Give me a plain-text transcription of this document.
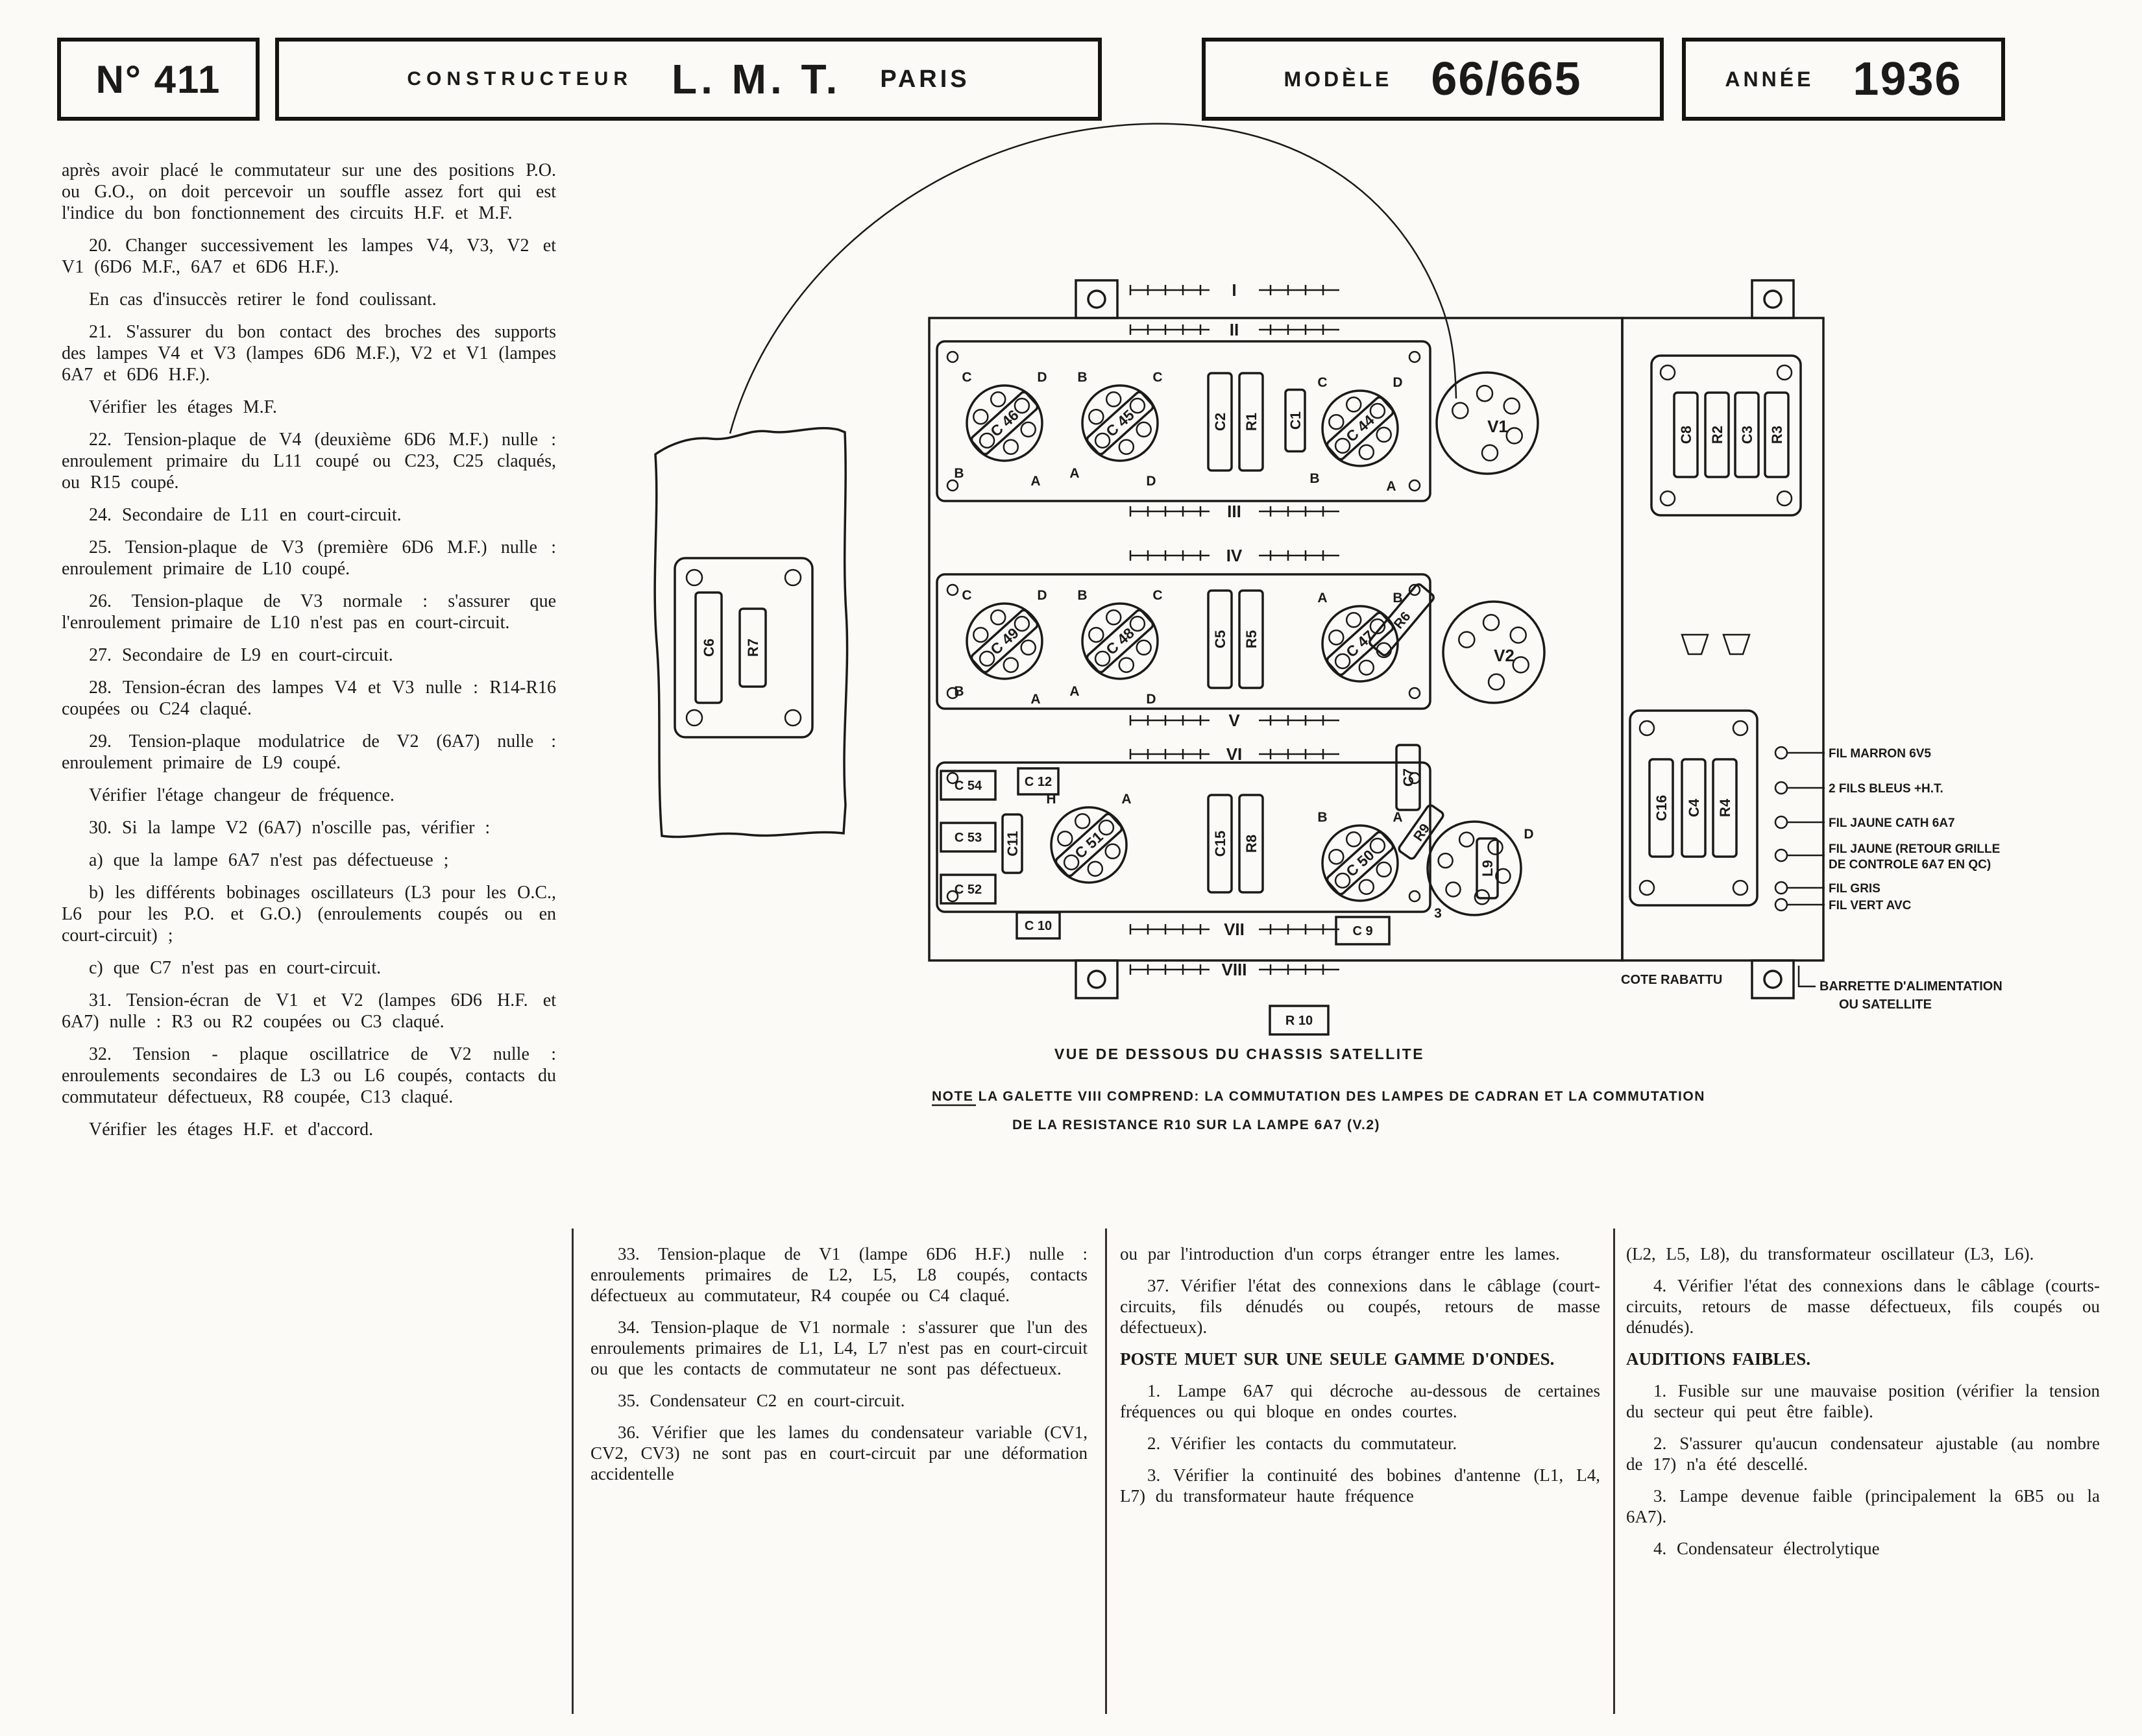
N° 411	CONSTRUCTEUR L. M. T. PARIS	MODÈLE 66/665	ANNÉE 1936

après avoir placé le commutateur sur une des positions P.O. ou G.O., on doit percevoir un souffle assez fort qui est l'indice du bon fonctionnement des circuits H.F. et M.F.

20. Changer successivement les lampes V4, V3, V2 et V1 (6D6 M.F., 6A7 et 6D6 H.F.).

En cas d'insuccès retirer le fond coulissant.

21. S'assurer du bon contact des broches des supports des lampes V4 et V3 (lampes 6D6 M.F.), V2 et V1 (lampes 6A7 et 6D6 H.F.).

Vérifier les étages M.F.

22. Tension-plaque de V4 (deuxième 6D6 M.F.) nulle : enroulement primaire du L11 coupé ou C23, C25 claqués, ou R15 coupé.

24. Secondaire de L11 en court-circuit.

25. Tension-plaque de V3 (première 6D6 M.F.) nulle : enroulement primaire de L10 coupé.

26. Tension-plaque de V3 normale : s'assurer que l'enroulement primaire de L10 n'est pas en court-circuit.

27. Secondaire de L9 en court-circuit.

28. Tension-écran des lampes V4 et V3 nulle : R14-R16 coupées ou C24 claqué.

29. Tension-plaque modulatrice de V2 (6A7) nulle : enroulement primaire de L9 coupé.

Vérifier l'étage changeur de fréquence.

30. Si la lampe V2 (6A7) n'oscille pas, vérifier :

a) que la lampe 6A7 n'est pas défectueuse ;

b) les différents bobinages oscillateurs (L3 pour les O.C., L6 pour les P.O. et G.O.) (enroulements coupés ou en court-circuit) ;

c) que C7 n'est pas en court-circuit.

31. Tension-écran de V1 et V2 (lampes 6D6 H.F. et 6A7) nulle : R3 ou R2 coupées ou C3 claqué.

32. Tension - plaque oscillatrice de V2 nulle : enroulements secondaires de L3 ou L6 coupés, contacts du commutateur défectueux, R8 coupée, C13 claqué.

Vérifier les étages H.F. et d'accord.

33. Tension-plaque de V1 (lampe 6D6 H.F.) nulle : enroulements primaires de L2, L5, L8 coupés, contacts défectueux au commutateur, R4 coupée ou C4 claqué.

34. Tension-plaque de V1 normale : s'assurer que l'un des enroulements primaires de L1, L4, L7 n'est pas en court-circuit ou que les contacts de commutateur ne sont pas défectueux.

35. Condensateur C2 en court-circuit.

36. Vérifier que les lames du condensateur variable (CV1, CV2, CV3) ne sont pas en court-circuit par une déformation accidentelle

ou par l'introduction d'un corps étranger entre les lames.

37. Vérifier l'état des connexions dans le câblage (court-circuits, fils dénudés ou coupés, retours de masse défectueux).

POSTE MUET SUR UNE SEULE GAMME D'ONDES.

1. Lampe 6A7 qui décroche au-dessous de certaines fréquences ou qui bloque en ondes courtes.

2. Vérifier les contacts du commutateur.

3. Vérifier la continuité des bobines d'antenne (L1, L4, L7) du transformateur haute fréquence

(L2, L5, L8), du transformateur oscillateur (L3, L6).

4. Vérifier l'état des connexions dans le câblage (courts-circuits, retours de masse défectueux, fils coupés ou dénudés).

AUDITIONS FAIBLES.

1. Fusible sur une mauvaise position (vérifier la tension du secteur qui peut être faible).

2. S'assurer qu'aucun condensateur ajustable (au nombre de 17) n'a été descellé.

3. Lampe devenue faible (principalement la 6B5 ou la 6A7).

4. Condensateur électrolytique

VUE DE DESSOUS DU CHASSIS SATELLITE
NOTE LA GALETTE VIII COMPREND: LA COMMUTATION DES LAMPES DE CADRAN ET LA COMMUTATION
DE LA RESISTANCE R10 SUR LA LAMPE 6A7 (V.2)
COTE RABATTU	BARRETTE D'ALIMENTATION
OU SATELLITE
I
II
III
IV
V
VI
VII
VIII
C 46
C	D
B
A
C 45
B	C
A
D
C 44
C	D
B
A
C 49
C	D
B
A
C 48
B	C
A
D
C 47
A	B
C 51
H	A
C 50
B	A
V1
V2
L9
D
3
C2 R1 C1
C5 R5
C15 R8
C7
C11
C6 R7
C8 R2 C3 R3
C16 C4 R4
R6
R9
C 54	C 12
C 53
C 52
C 10	C 9
R 10
FIL MARRON 6V5
2 FILS BLEUS +H.T.
FIL JAUNE CATH 6A7
FIL JAUNE (RETOUR GRILLE
DE CONTROLE 6A7 EN QC)
FIL GRIS
FIL VERT AVC
